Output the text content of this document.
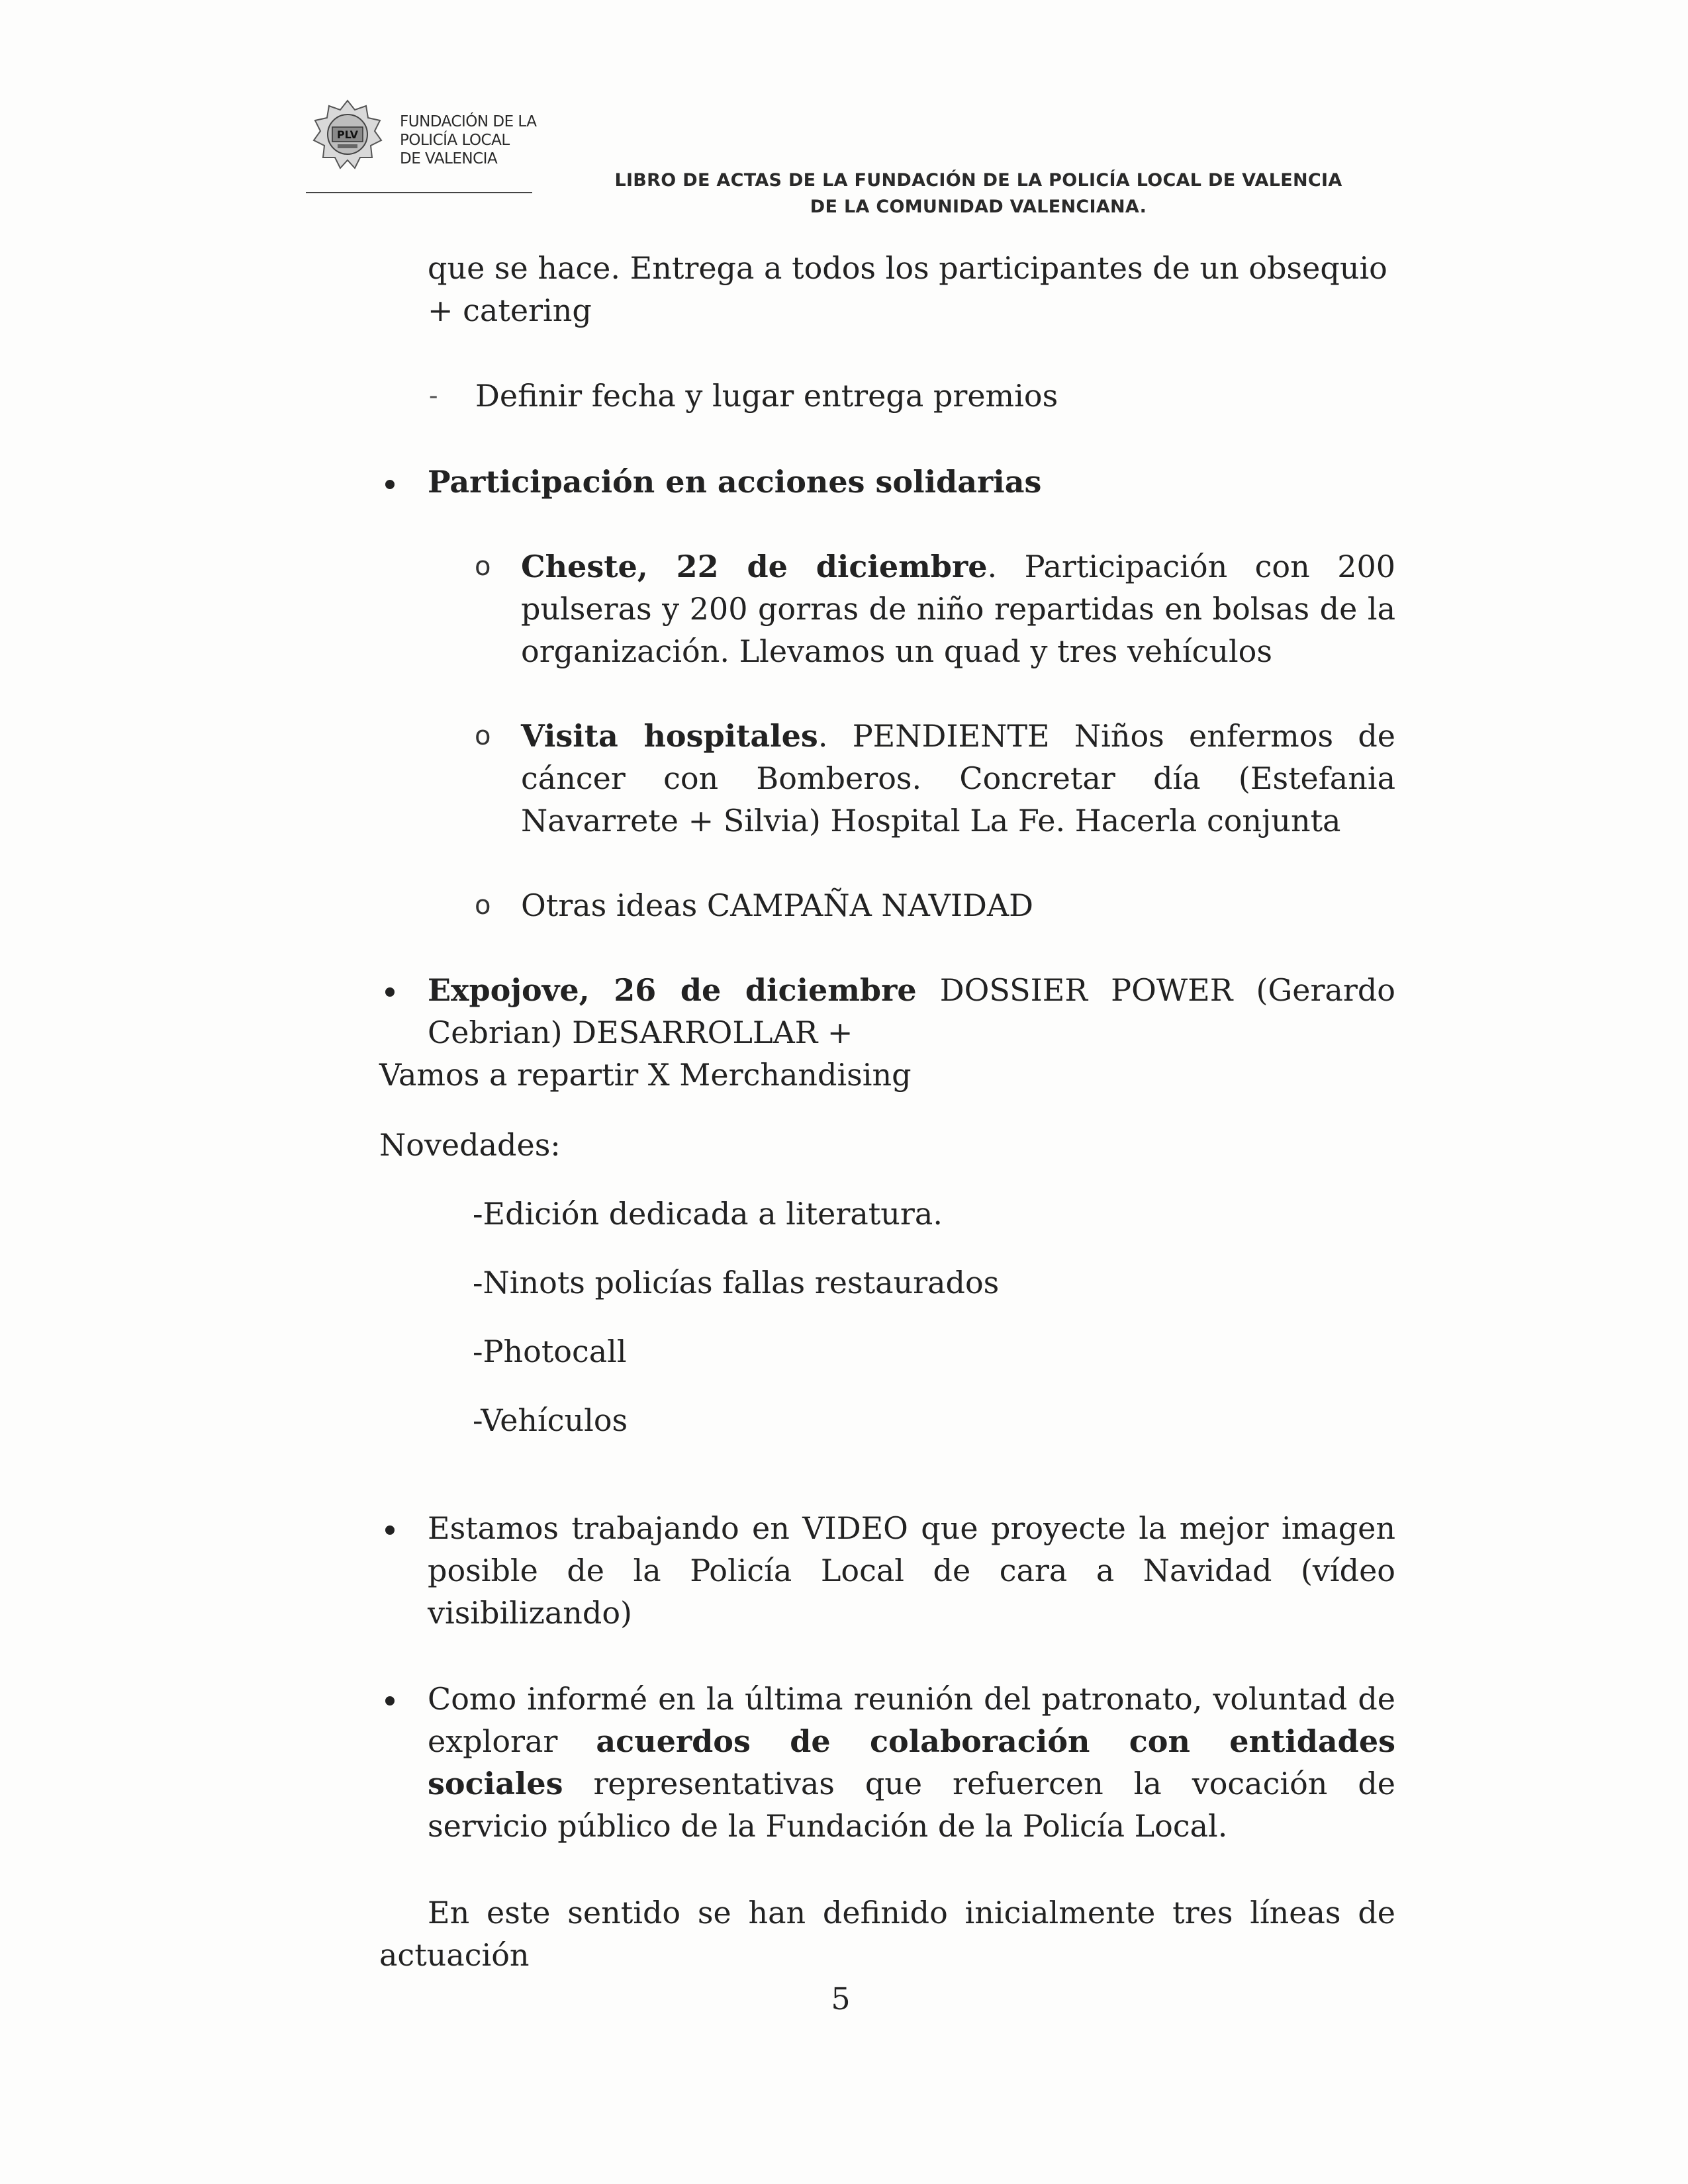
PLV
FUNDACIÓN DE LA
POLICÍA LOCAL
DE VALENCIA
LIBRO DE ACTAS DE LA FUNDACIÓN DE LA POLICÍA LOCAL DE VALENCIA
DE LA COMUNIDAD VALENCIANA.
que se hace. Entrega a todos los participantes de un obsequio
+ catering
- Definir fecha y lugar entrega premios
Participación en acciones solidarias
o Cheste, 22 de diciembre. Participación con 200 pulseras y 200 gorras de niño repartidas en bolsas de la organización. Llevamos un quad y tres vehículos
o Visita hospitales. PENDIENTE Niños enfermos de cáncer con Bomberos. Concretar día (Estefania Navarrete + Silvia) Hospital La Fe. Hacerla conjunta
o Otras ideas CAMPAÑA NAVIDAD
Expojove, 26 de diciembre DOSSIER POWER (Gerardo Cebrian) DESARROLLAR +
Vamos a repartir X Merchandising
Novedades:
-Edición dedicada a literatura.
-Ninots policías fallas restaurados
-Photocall
-Vehículos
Estamos trabajando en VIDEO que proyecte la mejor imagen posible de la Policía Local de cara a Navidad (vídeo visibilizando)
Como informé en la última reunión del patronato, voluntad de explorar acuerdos de colaboración con entidades sociales representativas que refuercen la vocación de servicio público de la Fundación de la Policía Local.
En este sentido se han definido inicialmente tres líneas de actuación
5
